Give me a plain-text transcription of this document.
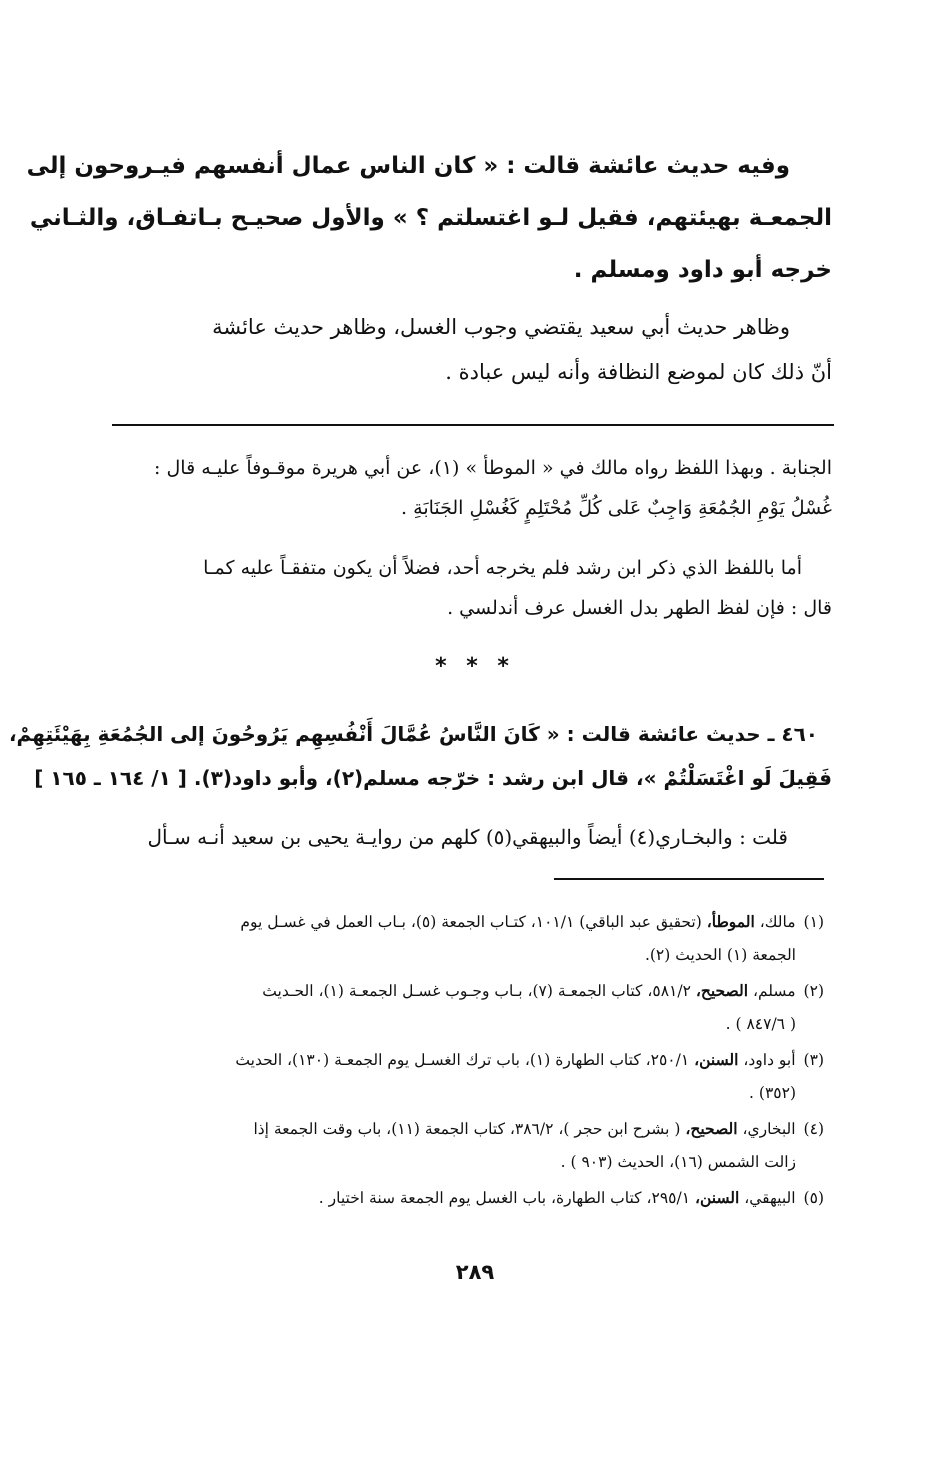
وفيه حديث عائشة قالت : « كان الناس عمال أنفسهم فيـروحون إلى
الجمعـة بهيئتهم، فقيل لـو اغتسلتم ؟ » والأول صحيـح بـاتفـاق، والثـاني
خرجه أبو داود ومسلم .
وظاهر حديث أبي سعيد يقتضي وجوب الغسل، وظاهر حديث عائشة
أنّ ذلك كان لموضع النظافة وأنه ليس عبادة .
الجنابة . وبهذا اللفظ رواه مالك في « الموطأ » (١)، عن أبي هريرة موقـوفاً عليـه قال :
غُسْلُ يَوْمِ الجُمُعَةِ وَاجِبٌ عَلى كُلِّ مُحْتَلِمٍ كَغُسْلِ الجَنَابَةِ .
أما باللفظ الذي ذكر ابن رشد فلم يخرجه أحد، فضلاً أن يكون متفقـاً عليه كمـا
قال : فإن لفظ الطهر بدل الغسل عرف أندلسي .
* * *
٤٦٠ ـ حديث عائشة قالت : « كَانَ النَّاسُ عُمَّالَ أَنْفُسِهِم يَرُوحُونَ إلى الجُمُعَةِ بِهَيْئَتِهِمْ،
فَقِيلَ لَو اغْتَسَلْتُمْ »، قال ابن رشد : خرّجه مسلم(٢)، وأبو داود(٣). [ ١/ ١٦٤ ـ ١٦٥ ]
قلت : والبخـاري(٤) أيضاً والبيهقي(٥) كلهم من روايـة يحيى بن سعيد أنـه سـأل
(١)مالك، الموطأ، (تحقيق عبد الباقي) ١٠١/١، كتـاب الجمعة (٥)، بـاب العمل في غسـل يوم
الجمعة (١) الحديث (٢).
(٢)مسلم، الصحيح، ٥٨١/٢، كتاب الجمعـة (٧)، بـاب وجـوب غسـل الجمعـة (١)، الحـديث
( ٨٤٧/٦ ) .
(٣)أبو داود، السنن، ٢٥٠/١، كتاب الطهارة (١)، باب ترك الغسـل يوم الجمعـة (١٣٠)، الحديث
(٣٥٢) .
(٤)البخاري، الصحيح، ( بشرح ابن حجر )، ٣٨٦/٢، كتاب الجمعة (١١)، باب وقت الجمعة إذا
زالت الشمس (١٦)، الحديث (٩٠٣ ) .
(٥)البيهقي، السنن، ٢٩٥/١، كتاب الطهارة، باب الغسل يوم الجمعة سنة اختيار .
٢٨٩
